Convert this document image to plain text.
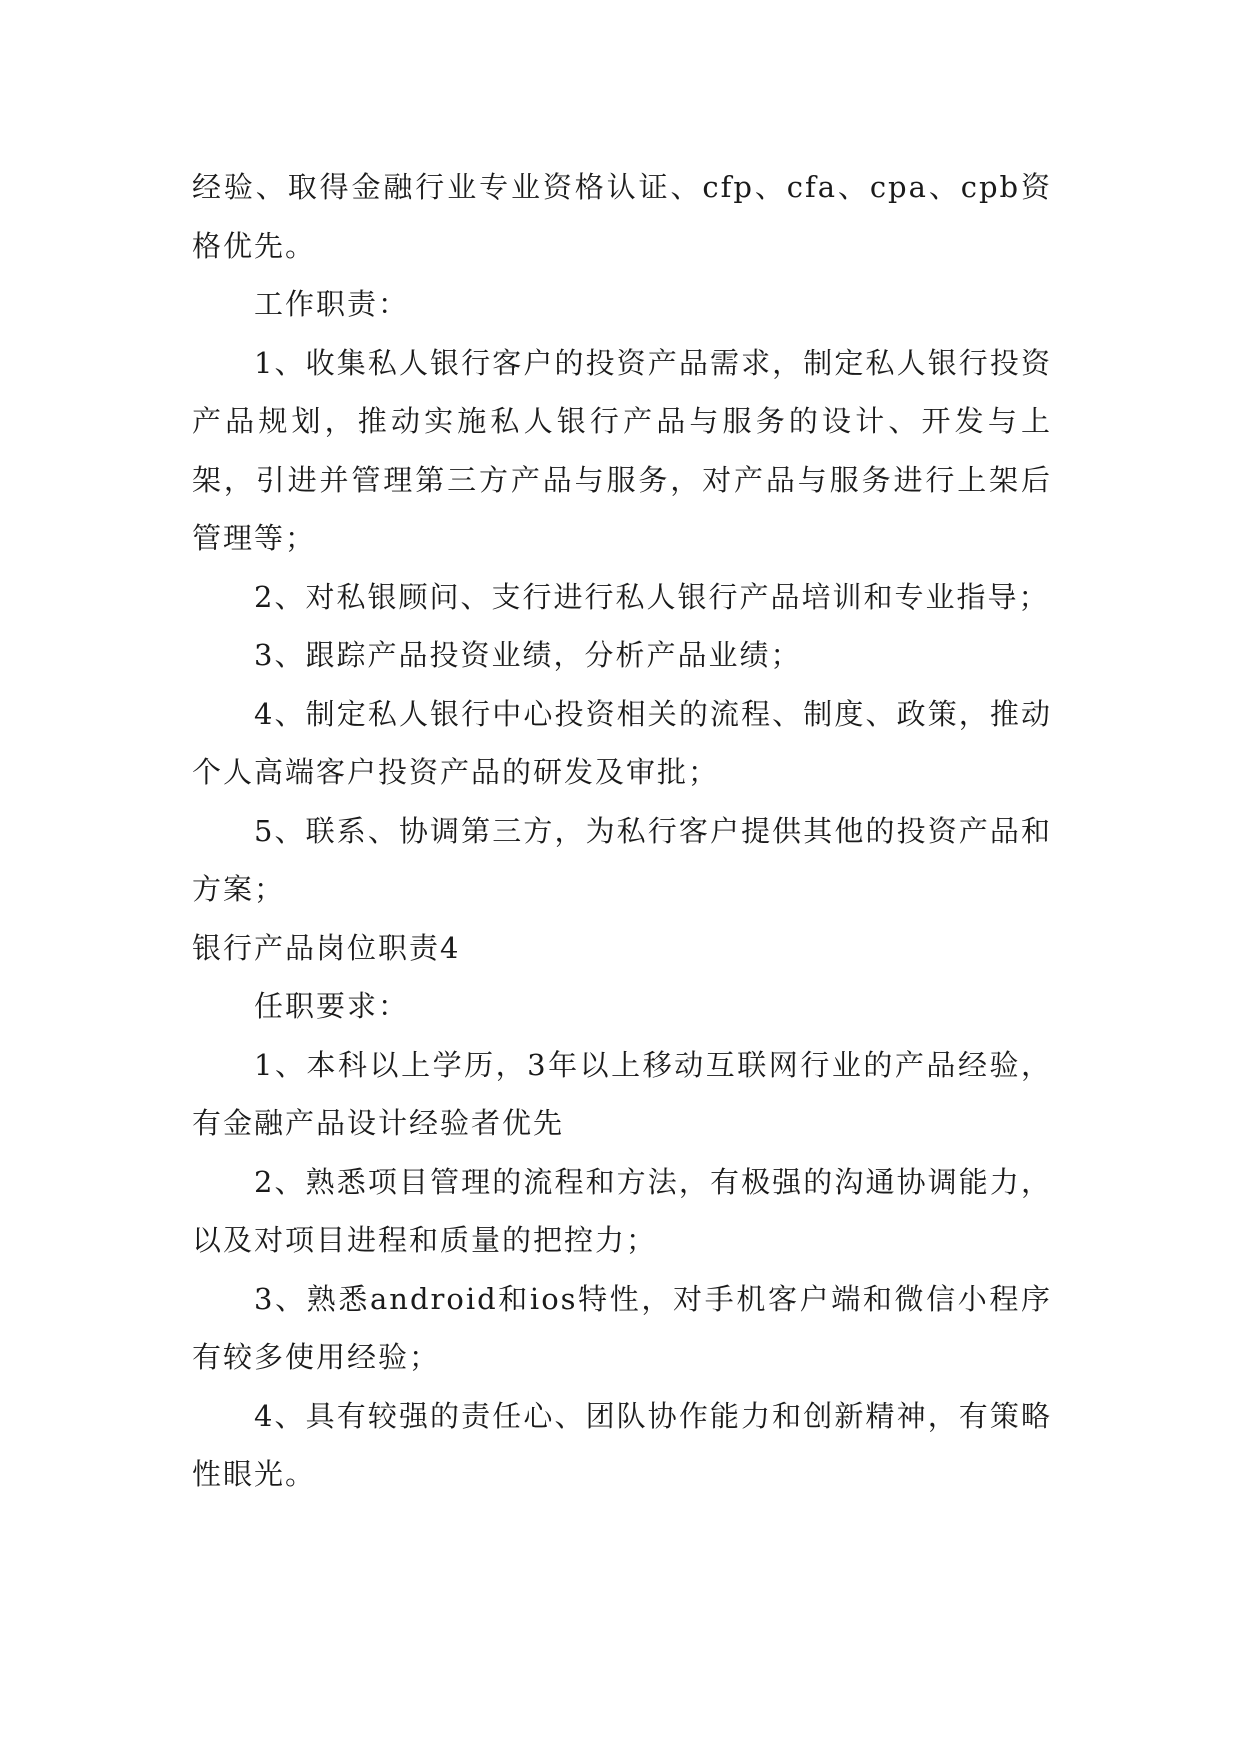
经验、取得金融行业专业资格认证、cfp、cfa、cpa、cpb资格优先。

工作职责：

1、收集私人银行客户的投资产品需求，制定私人银行投资产品规划，推动实施私人银行产品与服务的设计、开发与上架，引进并管理第三方产品与服务，对产品与服务进行上架后管理等；

2、对私银顾问、支行进行私人银行产品培训和专业指导；

3、跟踪产品投资业绩，分析产品业绩；

4、制定私人银行中心投资相关的流程、制度、政策，推动个人高端客户投资产品的研发及审批；

5、联系、协调第三方，为私行客户提供其他的投资产品和方案；

银行产品岗位职责4

任职要求：

1、本科以上学历，3年以上移动互联网行业的产品经验，有金融产品设计经验者优先

2、熟悉项目管理的流程和方法，有极强的沟通协调能力，以及对项目进程和质量的把控力；

3、熟悉android和ios特性，对手机客户端和微信小程序有较多使用经验；

4、具有较强的责任心、团队协作能力和创新精神，有策略性眼光。
